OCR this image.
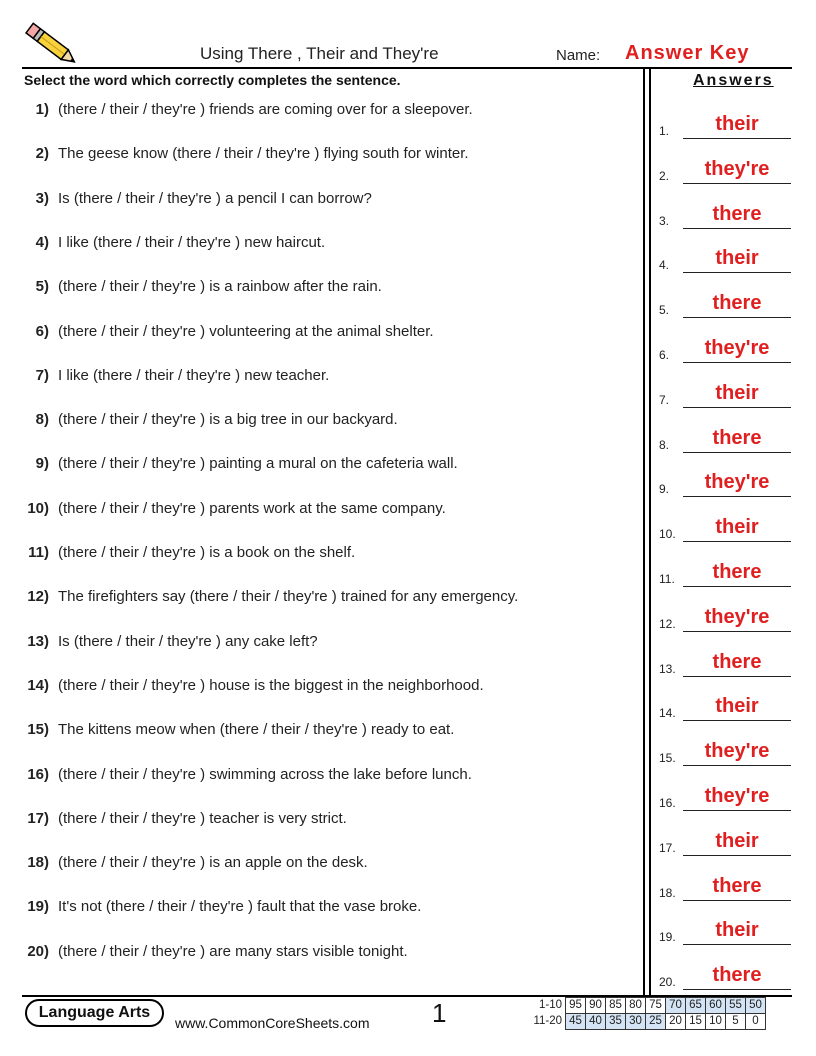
Using There , Their and They're	Name: Answer Key
Select the word which correctly completes the sentence.	Answers
1) (there / their / they're ) friends are coming over for a sleepover.
2) The geese know (there / their / they're ) flying south for winter.
3) Is (there / their / they're ) a pencil I can borrow?
4) I like (there / their / they're ) new haircut.
5) (there / their / they're ) is a rainbow after the rain.
6) (there / their / they're ) volunteering at the animal shelter.
7) I like (there / their / they're ) new teacher.
8) (there / their / they're ) is a big tree in our backyard.
9) (there / their / they're ) painting a mural on the cafeteria wall.
10) (there / their / they're ) parents work at the same company.
11) (there / their / they're ) is a book on the shelf.
12) The firefighters say (there / their / they're ) trained for any emergency.
13) Is (there / their / they're ) any cake left?
14) (there / their / they're ) house is the biggest in the neighborhood.
15) The kittens meow when (there / their / they're ) ready to eat.
16) (there / their / they're ) swimming across the lake before lunch.
17) (there / their / they're ) teacher is very strict.
18) (there / their / they're ) is an apple on the desk.
19) It's not (there / their / they're ) fault that the vase broke.
20) (there / their / they're ) are many stars visible tonight.
1.	their
2.	they're
3.	there
4.	their
5.	there
6.	they're
7.	their
8.	there
9.	they're
10.	their
11.	there
12.	they're
13.	there
14.	their
15.	they're
16.	they're
17.	their
18.	there
19.	their
20.	there
Language Arts
www.CommonCoreSheets.com 1	1-10	95	90	85	80	75	70	65	60	55	50
11-20	45	40	35	30	25	20	15	10	5	0
